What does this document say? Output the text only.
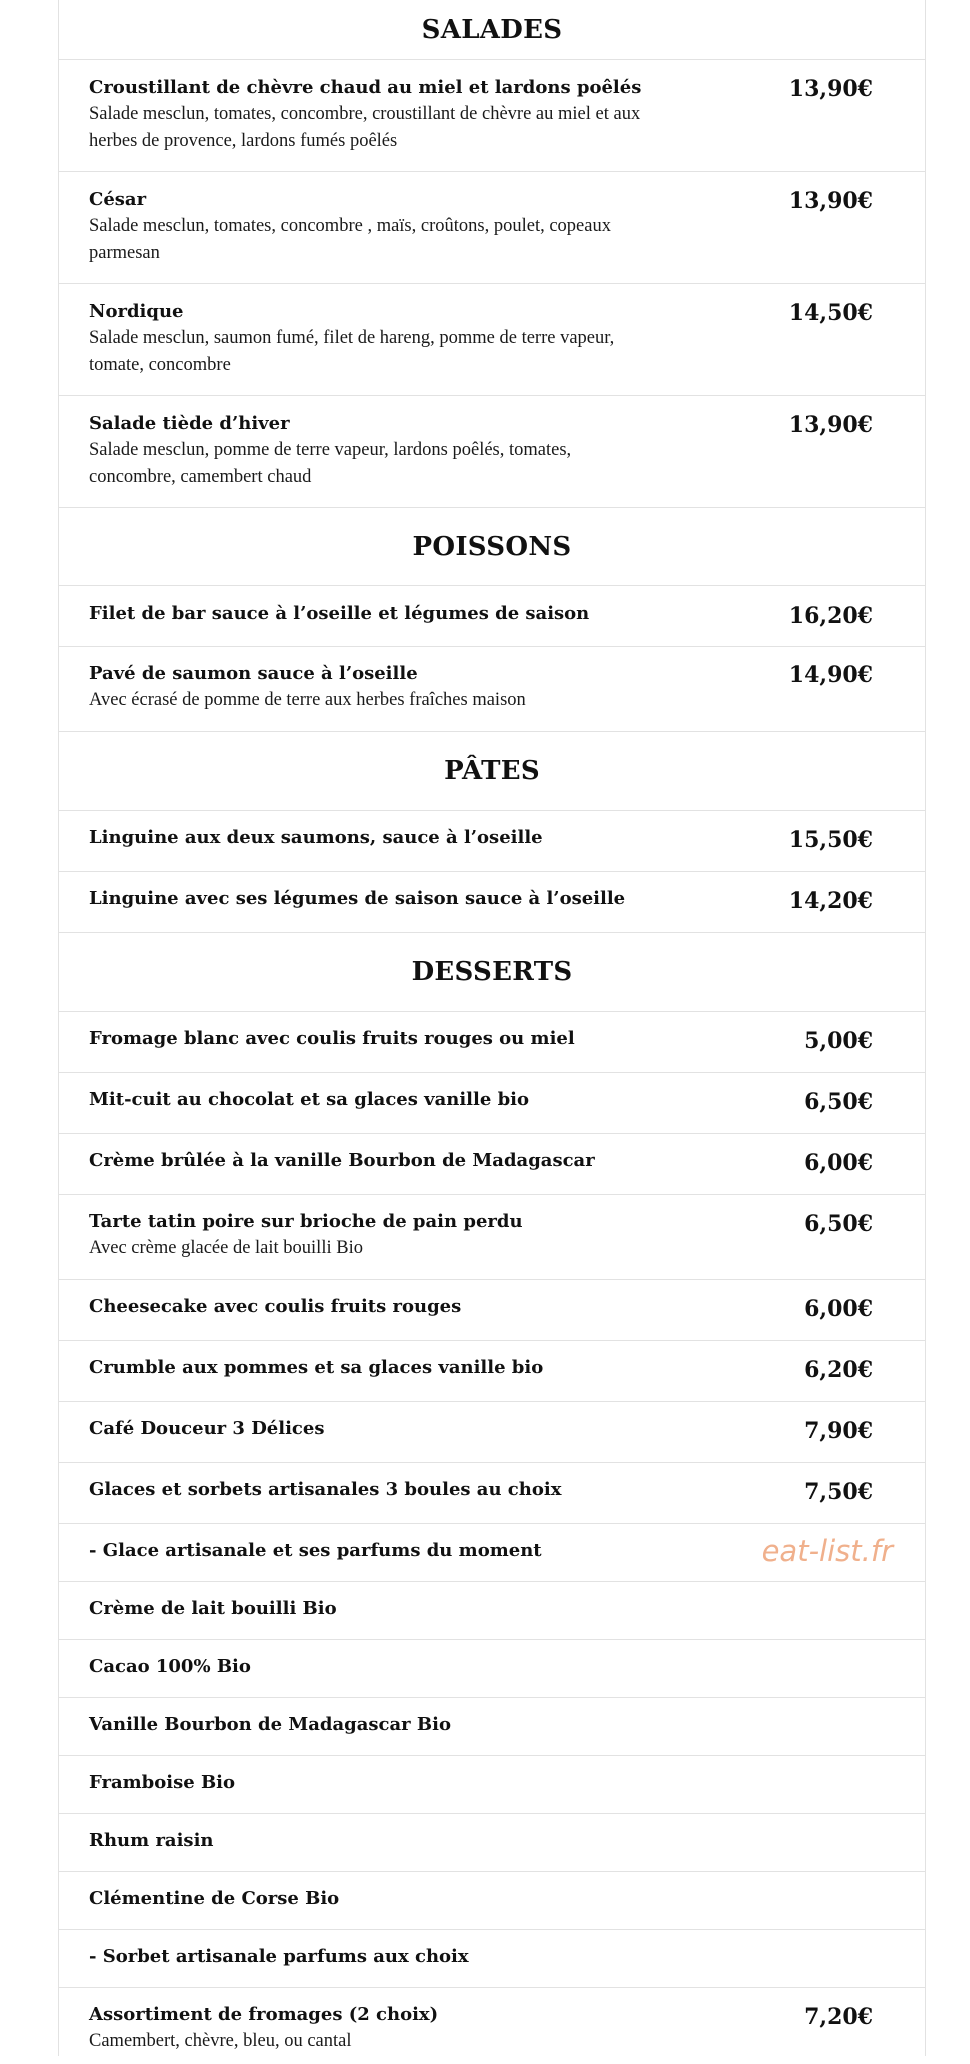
SALADES
Croustillant de chèvre chaud au miel et lardons poêlés
Salade mesclun, tomates, concombre, croustillant de chèvre au miel et aux herbes de provence, lardons fumés poêlés
13,90€
César
Salade mesclun, tomates, concombre , maïs, croûtons, poulet, copeaux parmesan
13,90€
Nordique
Salade mesclun, saumon fumé, filet de hareng, pomme de terre vapeur, tomate, concombre
14,50€
Salade tiède d’hiver
Salade mesclun, pomme de terre vapeur, lardons poêlés, tomates, concombre, camembert chaud
13,90€
POISSONS
Filet de bar sauce à l’oseille et légumes de saison	16,20€
Pavé de saumon sauce à l’oseille
Avec écrasé de pomme de terre aux herbes fraîches maison
14,90€
PÂTES
Linguine aux deux saumons, sauce à l’oseille	15,50€
Linguine avec ses légumes de saison sauce à l’oseille	14,20€
DESSERTS
Fromage blanc avec coulis fruits rouges ou miel	5,00€
Mit-cuit au chocolat et sa glaces vanille bio	6,50€
Crème brûlée à la vanille Bourbon de Madagascar	6,00€
Tarte tatin poire sur brioche de pain perdu
Avec crème glacée de lait bouilli Bio
6,50€
Cheesecake avec coulis fruits rouges	6,00€
Crumble aux pommes et sa glaces vanille bio	6,20€
Café Douceur 3 Délices	7,90€
Glaces et sorbets artisanales 3 boules au choix	7,50€
- Glace artisanale et ses parfums du moment	eat-list.fr
Crème de lait bouilli Bio
Cacao 100% Bio
Vanille Bourbon de Madagascar Bio
Framboise Bio
Rhum raisin
Clémentine de Corse Bio
- Sorbet artisanale parfums aux choix
Assortiment de fromages (2 choix)
Camembert, chèvre, bleu, ou cantal
7,20€
